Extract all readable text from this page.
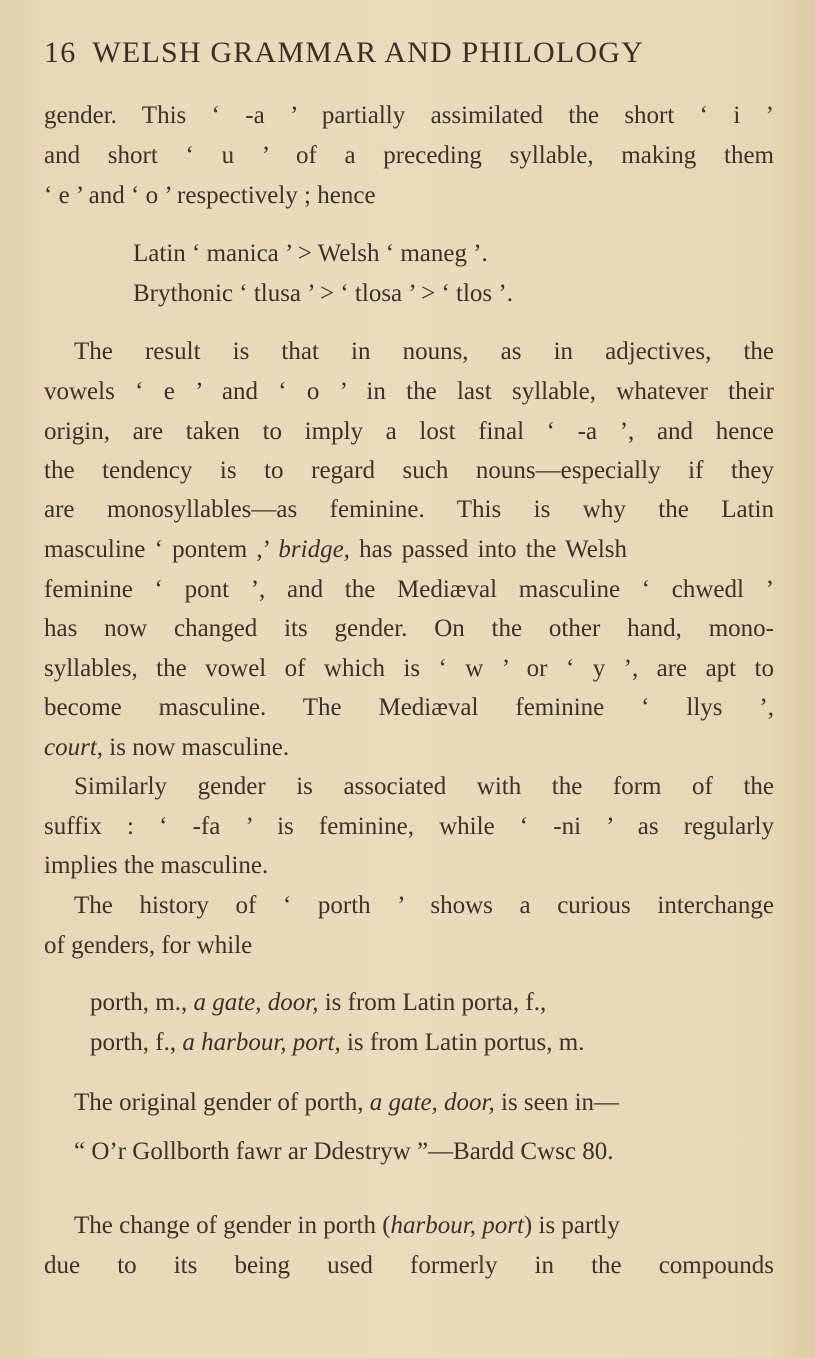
16 WELSH GRAMMAR AND PHILOLOGY
gender. This ‘ -a ’ partially assimilated the short ‘ i ’
and short ‘ u ’ of a preceding syllable, making them
‘ e ’ and ‘ o ’ respectively ; hence
Latin ‘ manica ’ > Welsh ‘ maneg ’.
Brythonic ‘ tlusa ’ > ‘ tlosa ’ > ‘ tlos ’.
The result is that in nouns, as in adjectives, the
vowels ‘ e ’ and ‘ o ’ in the last syllable, whatever their
origin, are taken to imply a lost final ‘ -a ’, and hence
the tendency is to regard such nouns—especially if they
are monosyllables—as feminine. This is why the Latin
masculine ‘ pontem ,’ bridge, has passed into the Welsh
feminine ‘ pont ’, and the Mediæval masculine ‘ chwedl ’
has now changed its gender. On the other hand, mono-
syllables, the vowel of which is ‘ w ’ or ‘ y ’, are apt to
become masculine. The Mediæval feminine ‘ llys ’,
court, is now masculine.
Similarly gender is associated with the form of the
suffix : ‘ -fa ’ is feminine, while ‘ -ni ’ as regularly
implies the masculine.
The history of ‘ porth ’ shows a curious interchange
of genders, for while
porth, m., a gate, door, is from Latin porta, f.,
porth, f., a harbour, port, is from Latin portus, m.
The original gender of porth, a gate, door, is seen in—
“ O’r Gollborth fawr ar Ddestryw ”—Bardd Cwsc 80.
The change of gender in porth (harbour, port) is partly
due to its being used formerly in the compounds
